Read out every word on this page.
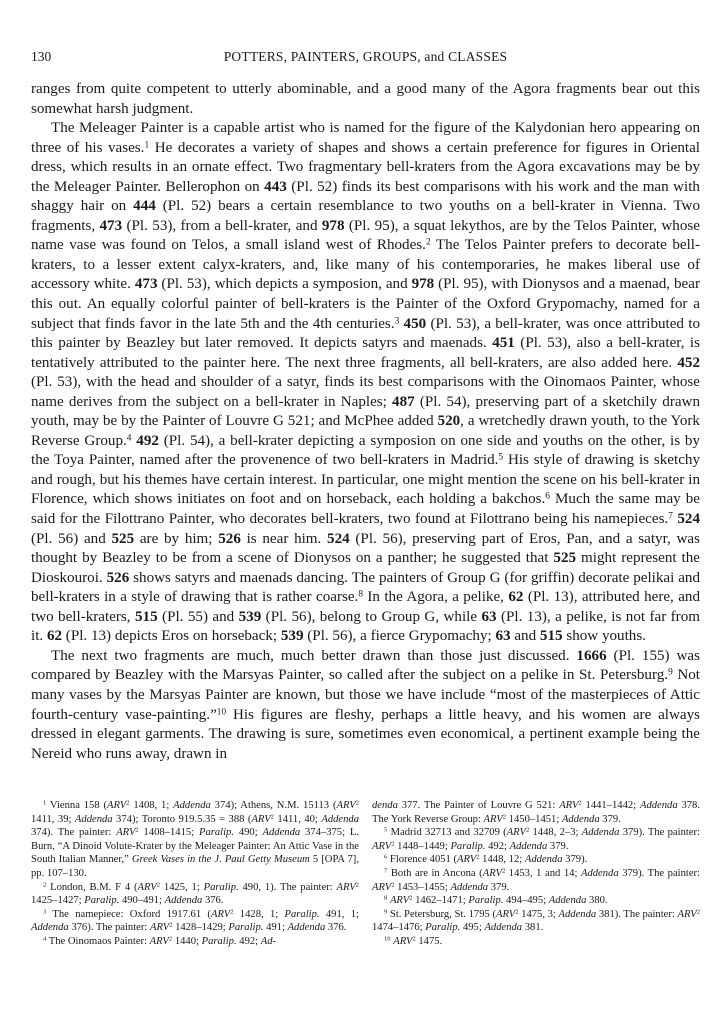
130	POTTERS, PAINTERS, GROUPS, and CLASSES

ranges from quite competent to utterly abominable, and a good many of the Agora fragments bear out this somewhat harsh judgment.

The Meleager Painter is a capable artist who is named for the figure of the Kalydonian hero appearing on three of his vases.$^1$ He decorates a variety of shapes and shows a certain preference for figures in Oriental dress, which results in an ornate effect. Two fragmentary bell-kraters from the Agora excavations may be by the Meleager Painter. Bellerophon on 443 (Pl. 52) finds its best comparisons with his work and the man with shaggy hair on 444 (Pl. 52) bears a certain resemblance to two youths on a bell-krater in Vienna. Two fragments, 473 (Pl. 53), from a bell-krater, and 978 (Pl. 95), a squat lekythos, are by the Telos Painter, whose name vase was found on Telos, a small island west of Rhodes.$^2$ The Telos Painter prefers to decorate bell-kraters, to a lesser extent calyx-kraters, and, like many of his contemporaries, he makes liberal use of accessory white. 473 (Pl. 53), which depicts a symposion, and 978 (Pl. 95), with Dionysos and a maenad, bear this out. An equally colorful painter of bell-kraters is the Painter of the Oxford Grypomachy, named for a subject that finds favor in the late 5th and the 4th centuries.$^3$ 450 (Pl. 53), a bell-krater, was once attributed to this painter by Beazley but later removed. It depicts satyrs and maenads. 451 (Pl. 53), also a bell-krater, is tentatively attributed to the painter here. The next three fragments, all bell-kraters, are also added here. 452 (Pl. 53), with the head and shoulder of a satyr, finds its best comparisons with the Oinomaos Painter, whose name derives from the subject on a bell-krater in Naples; 487 (Pl. 54), preserving part of a sketchily drawn youth, may be by the Painter of Louvre G 521; and McPhee added 520, a wretchedly drawn youth, to the York Reverse Group.$^4$ 492 (Pl. 54), a bell-krater depicting a symposion on one side and youths on the other, is by the Toya Painter, named after the provenence of two bell-kraters in Madrid.$^5$ His style of drawing is sketchy and rough, but his themes have certain interest. In particular, one might mention the scene on his bell-krater in Florence, which shows initiates on foot and on horseback, each holding a bakchos.$^6$ Much the same may be said for the Filottrano Painter, who decorates bell-kraters, two found at Filottrano being his namepieces.$^7$ 524 (Pl. 56) and 525 are by him; 526 is near him. 524 (Pl. 56), preserving part of Eros, Pan, and a satyr, was thought by Beazley to be from a scene of Dionysos on a panther; he suggested that 525 might represent the Dioskouroi. 526 shows satyrs and maenads dancing. The painters of Group G (for griffin) decorate pelikai and bell-kraters in a style of drawing that is rather coarse.$^8$ In the Agora, a pelike, 62 (Pl. 13), attributed here, and two bell-kraters, 515 (Pl. 55) and 539 (Pl. 56), belong to Group G, while 63 (Pl. 13), a pelike, is not far from it. 62 (Pl. 13) depicts Eros on horseback; 539 (Pl. 56), a fierce Grypomachy; 63 and 515 show youths.

The next two fragments are much, much better drawn than those just discussed. 1666 (Pl. 155) was compared by Beazley with the Marsyas Painter, so called after the subject on a pelike in St. Petersburg.$^9$ Not many vases by the Marsyas Painter are known, but those we have include “most of the masterpieces of Attic fourth-century vase-painting.”$^{10}$ His figures are fleshy, perhaps a little heavy, and his women are always dressed in elegant garments. The drawing is sure, sometimes even economical, a pertinent example being the Nereid who runs away, drawn in

$^1$ Vienna 158 (ARV$^2$ 1408, 1; Addenda 374); Athens, N.M. 15113 (ARV$^2$ 1411, 39; Addenda 374); Toronto 919.5.35 = 388 (ARV$^2$ 1411, 40; Addenda 374). The painter: ARV$^2$ 1408–1415; Paralip. 490; Addenda 374–375; L. Burn, “A Dinoid Volute-Krater by the Meleager Painter: An Attic Vase in the South Italian Manner,” Greek Vases in the J. Paul Getty Museum 5 [OPA 7], pp. 107–130.

$^2$ London, B.M. F 4 (ARV$^2$ 1425, 1; Paralip. 490, 1). The painter: ARV$^2$ 1425–1427; Paralip. 490–491; Addenda 376.

$^3$ The namepiece: Oxford 1917.61 (ARV$^2$ 1428, 1; Paralip. 491, 1; Addenda 376). The painter: ARV$^2$ 1428–1429; Paralip. 491; Addenda 376.

$^4$ The Oinomaos Painter: ARV$^2$ 1440; Paralip. 492; Ad-

denda 377. The Painter of Louvre G 521: ARV$^2$ 1441–1442; Addenda 378. The York Reverse Group: ARV$^2$ 1450–1451; Addenda 379.

$^5$ Madrid 32713 and 32709 (ARV$^2$ 1448, 2–3; Addenda 379). The painter: ARV$^2$ 1448–1449; Paralip. 492; Addenda 379.

$^6$ Florence 4051 (ARV$^2$ 1448, 12; Addenda 379).

$^7$ Both are in Ancona (ARV$^2$ 1453, 1 and 14; Addenda 379). The painter: ARV$^2$ 1453–1455; Addenda 379.

$^8$ ARV$^2$ 1462–1471; Paralip. 494–495; Addenda 380.

$^9$ St. Petersburg, St. 1795 (ARV$^2$ 1475, 3; Addenda 381). The painter: ARV$^2$ 1474–1476; Paralip. 495; Addenda 381.

$^{10}$ ARV$^2$ 1475.
